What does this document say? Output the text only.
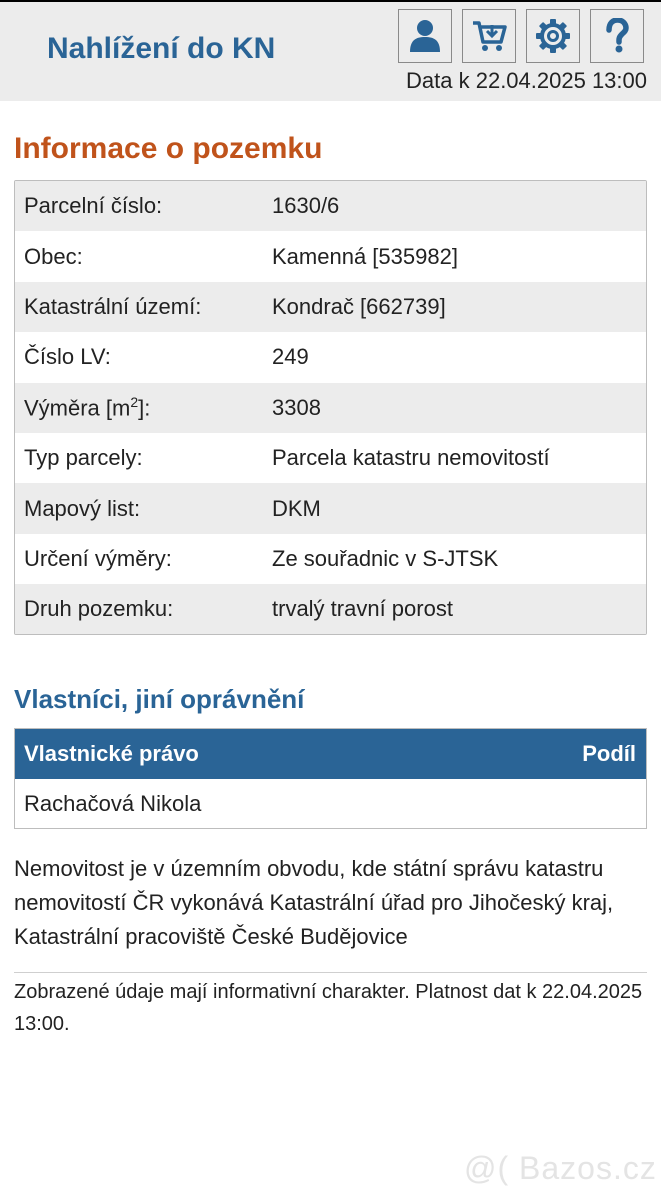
Nahlížení do KN
Data k 22.04.2025 13:00
Informace o pozemku
Parcelní číslo:	1630/6
Obec:	Kamenná [535982]
Katastrální území:	Kondrač [662739]
Číslo LV:	249
Výměra $[m^2]$:	3308
Typ parcely:	Parcela katastru nemovitostí
Mapový list:	DKM
Určení výměry:	Ze souřadnic v S-JTSK
Druh pozemku:	trvalý travní porost
Vlastníci, jiní oprávnění
Vlastnické právo	Podíl
Rachačová Nikola
Nemovitost je v územním obvodu, kde státní správu katastru nemovitostí ČR vykonává Katastrální úřad pro Jihočeský kraj, Katastrální pracoviště České Budějovice
Zobrazené údaje mají informativní charakter. Platnost dat k 22.04.2025 13:00.
@( Bazos.cz
